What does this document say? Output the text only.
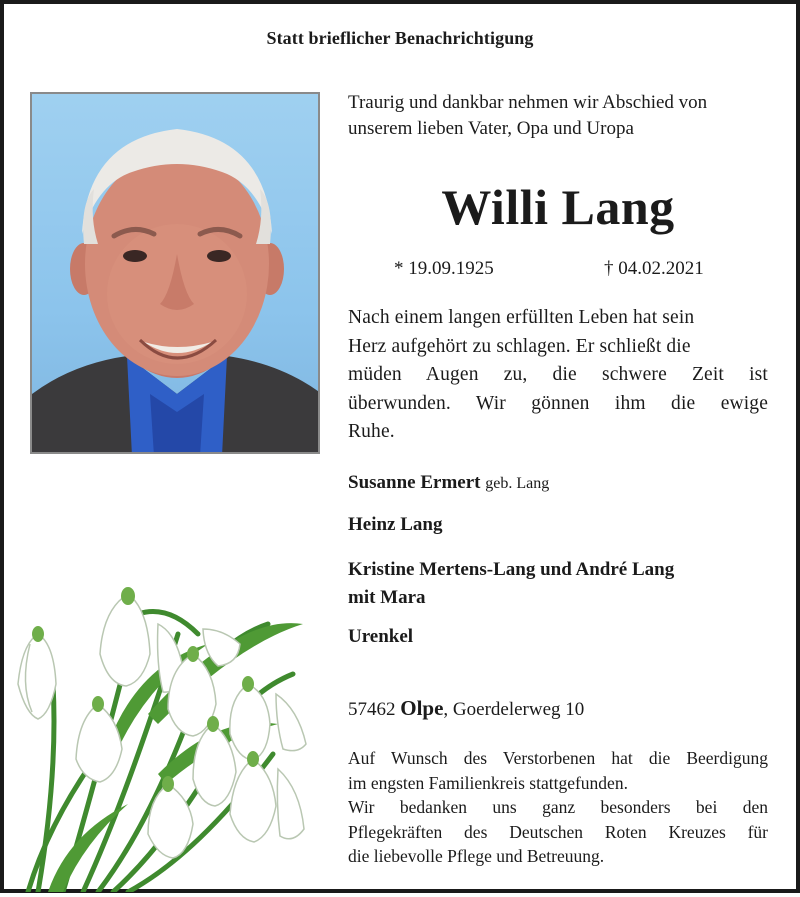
Statt brieflicher Benachrichtigung
Traurig und dankbar nehmen wir Abschied von
unserem lieben Vater, Opa und Uropa
Willi Lang
* 19.09.1925	† 04.02.2021
Nach einem langen erfüllten Leben hat sein
Herz aufgehört zu schlagen. Er schließt die
müden Augen zu, die schwere Zeit ist
überwunden. Wir gönnen ihm die ewige
Ruhe.
Susanne Ermert geb. Lang
Heinz Lang
Kristine Mertens-Lang und André Lang
mit Mara
Urenkel
57462 Olpe, Goerdelerweg 10

Auf Wunsch des Verstorbenen hat die Beerdigung

im engsten Familienkreis stattgefunden.

Wir bedanken uns ganz besonders bei den

Pflegekräften des Deutschen Roten Kreuzes für

die liebevolle Pflege und Betreuung.
